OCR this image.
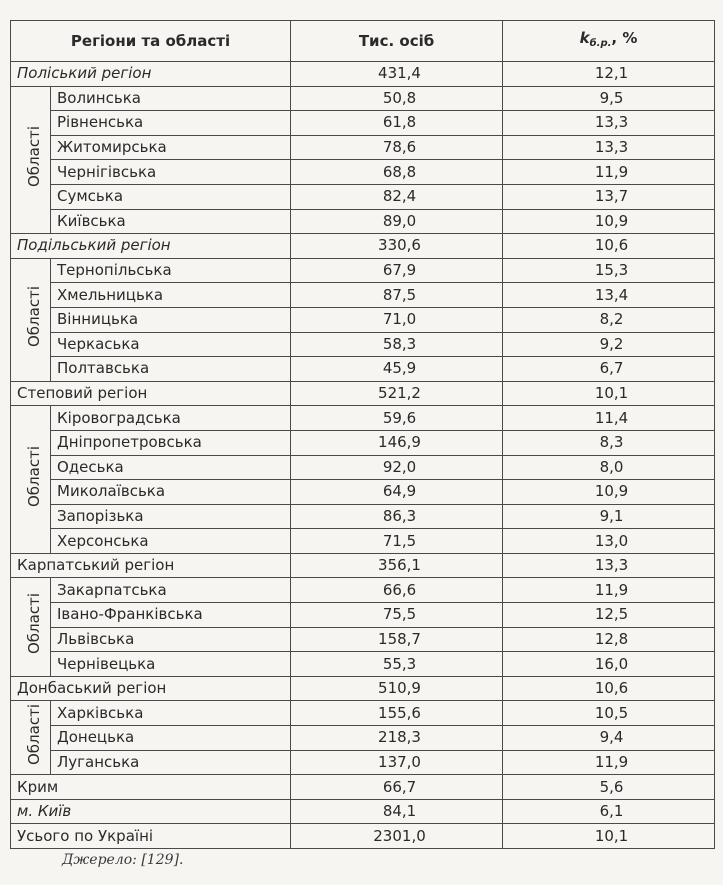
Регіони та області		Тис. осіб	$k_{б.р.}$, %
Поліський регіон		431,4	12,1
Області	Волинська	50,8	9,5
	Рівненська	61,8	13,3
	Житомирська	78,6	13,3
	Чернігівська	68,8	11,9
	Сумська	82,4	13,7
	Київська	89,0	10,9
Подільський регіон		330,6	10,6
Області	Тернопільська	67,9	15,3
	Хмельницька	87,5	13,4
	Вінницька	71,0	8,2
	Черкаська	58,3	9,2
	Полтавська	45,9	6,7
Степовий регіон		521,2	10,1
Області	Кіровоградська	59,6	11,4
	Дніпропетровська	146,9	8,3
	Одеська	92,0	8,0
	Миколаївська	64,9	10,9
	Запорізька	86,3	9,1
	Херсонська	71,5	13,0
Карпатський регіон		356,1	13,3
Області	Закарпатська	66,6	11,9
	Івано-Франківська	75,5	12,5
	Львівська	158,7	12,8
	Чернівецька	55,3	16,0
Донбаський регіон		510,9	10,6
Області	Харківська	155,6	10,5
	Донецька	218,3	9,4
	Луганська	137,0	11,9
Крим		66,7	5,6
м. Київ		84,1	6,1
Усього по Україні		2301,0	10,1
Джерело: [129].
